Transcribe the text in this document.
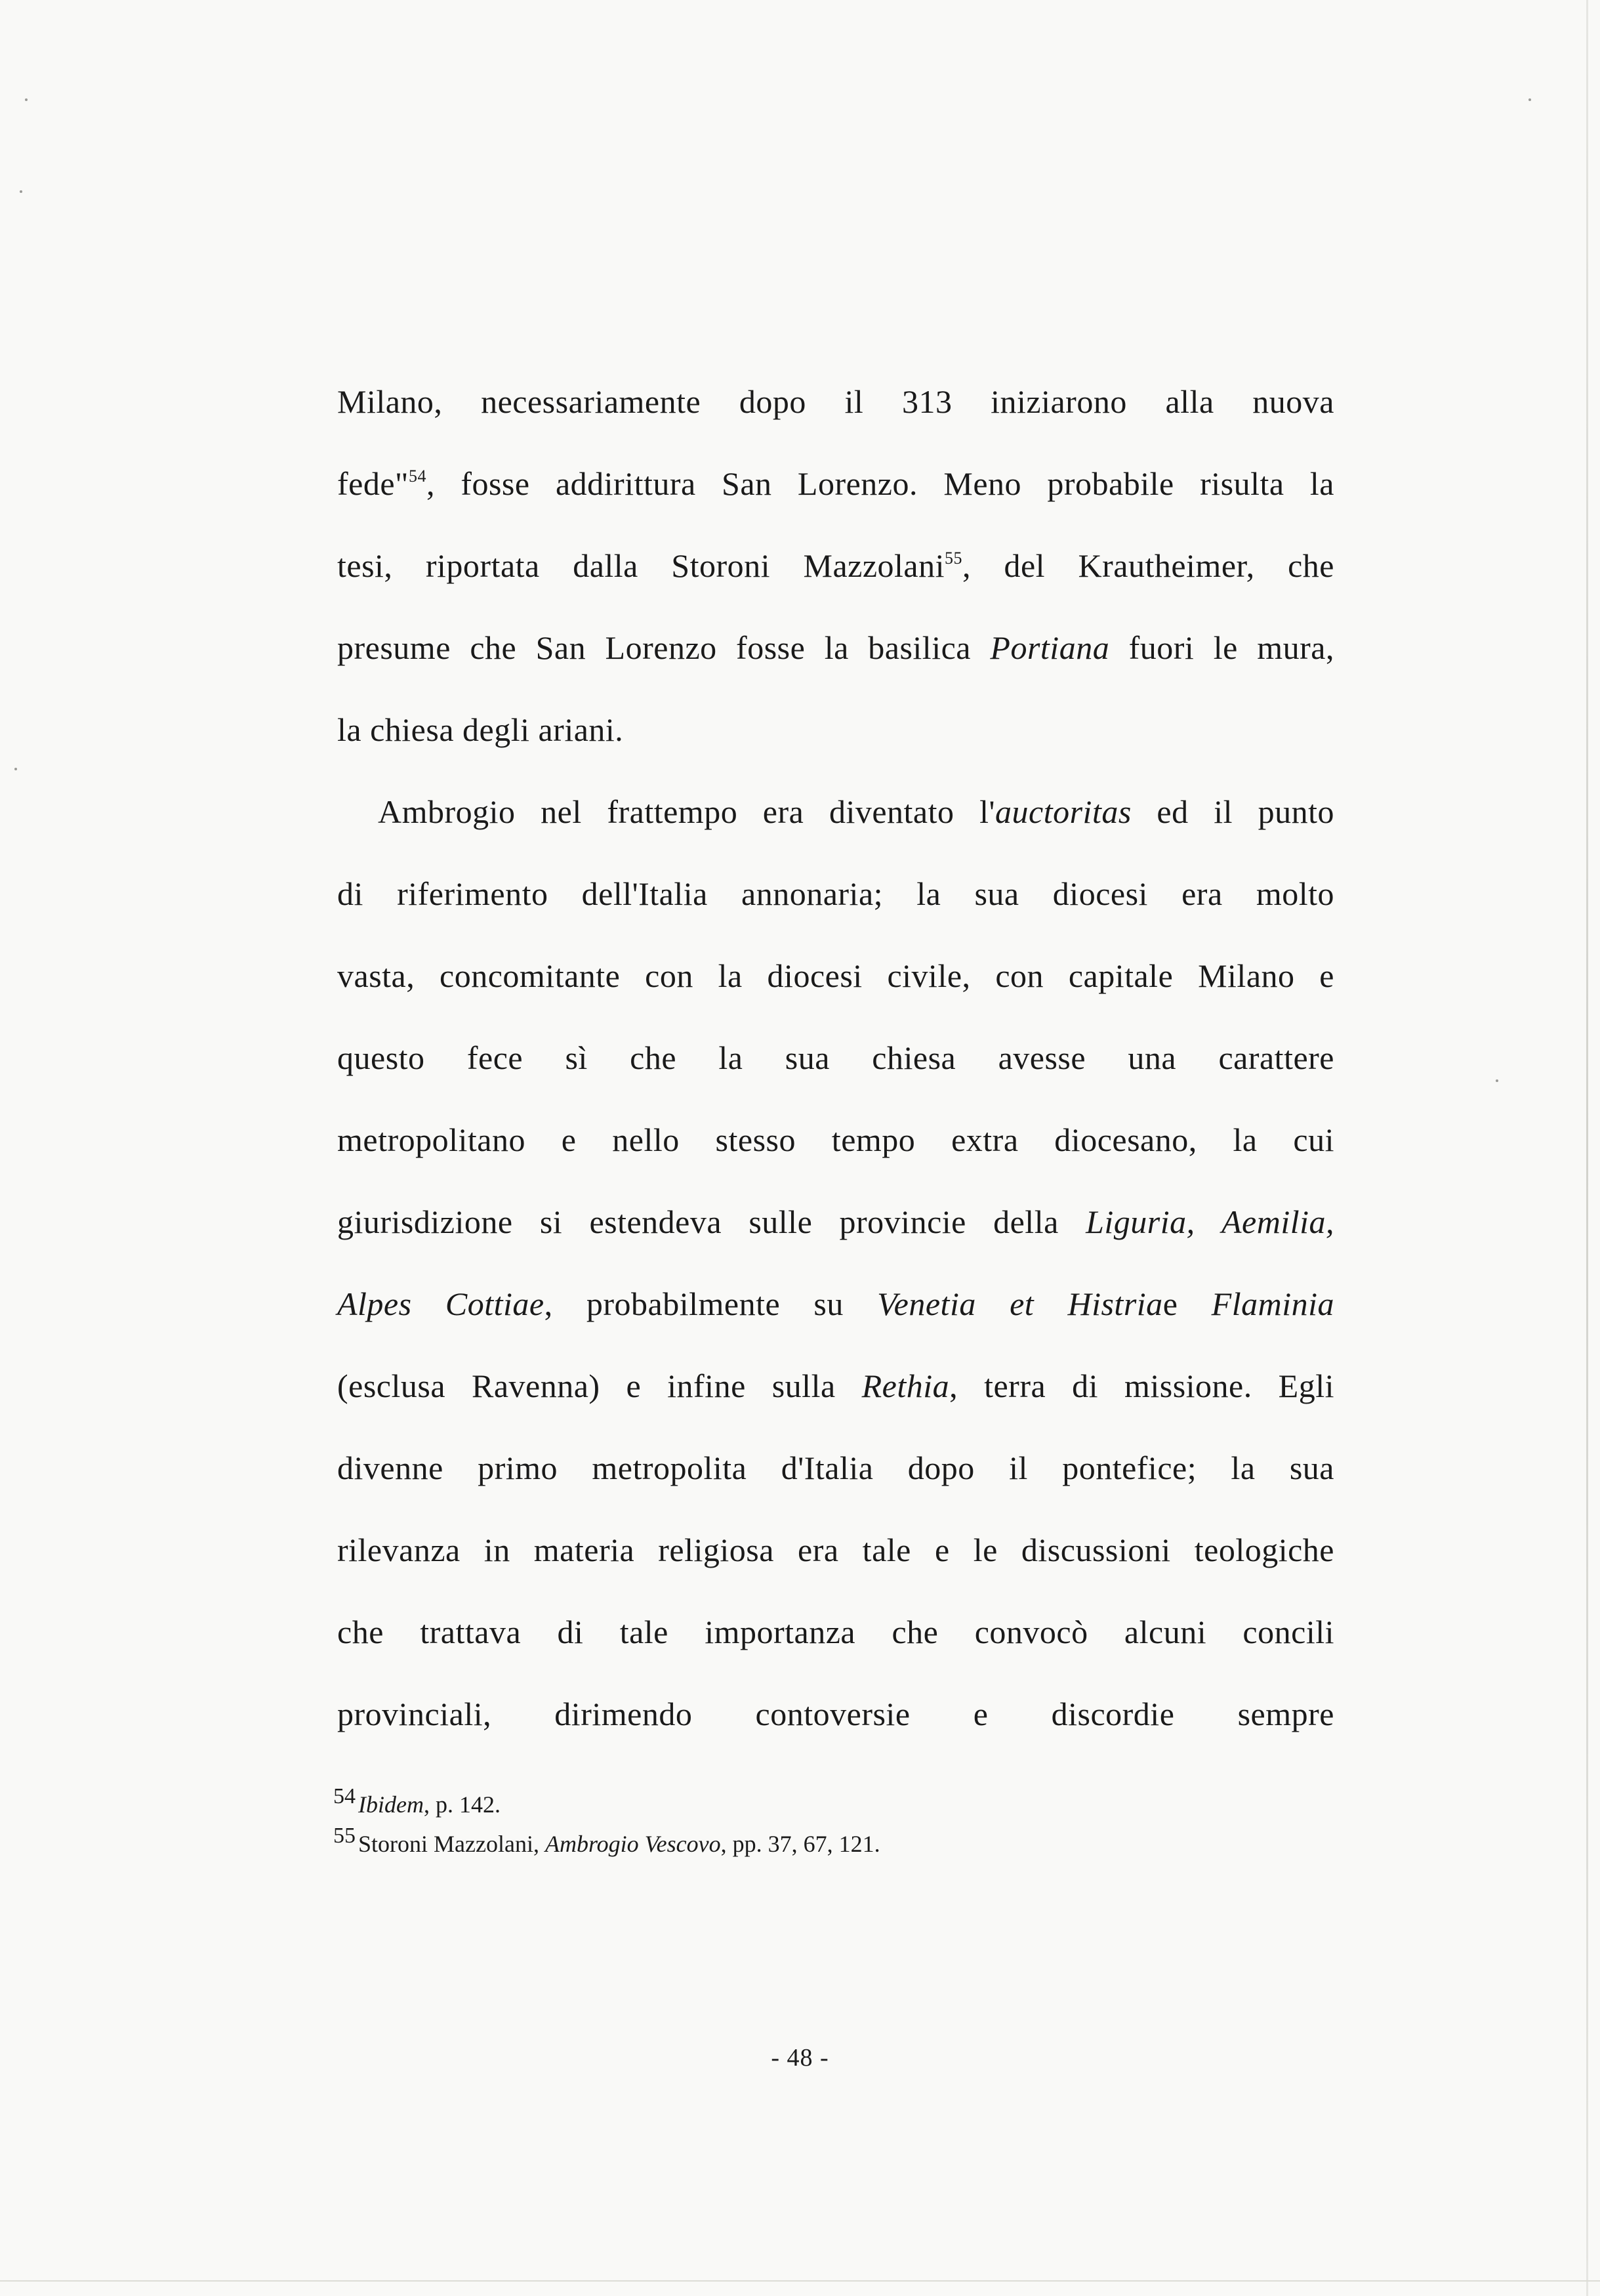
Milano, necessariamente dopo il 313 iniziarono alla nuova
fede"$^{54}$, fosse addirittura San Lorenzo. Meno probabile risulta la
tesi, riportata dalla Storoni Mazzolani$^{55}$, del Krautheimer, che
presume che San Lorenzo fosse la basilica Portiana fuori le mura,
la chiesa degli ariani.
Ambrogio nel frattempo era diventato l'auctoritas ed il punto
di riferimento dell'Italia annonaria; la sua diocesi era molto
vasta, concomitante con la diocesi civile, con capitale Milano e
questo fece sì che la sua chiesa avesse una carattere
metropolitano e nello stesso tempo extra diocesano, la cui
giurisdizione si estendeva sulle provincie della Liguria, Aemilia,
Alpes Cottiae, probabilmente su Venetia et Histriae Flaminia
(esclusa Ravenna) e infine sulla Rethia, terra di missione. Egli
divenne primo metropolita d'Italia dopo il pontefice; la sua
rilevanza in materia religiosa era tale e le discussioni teologiche
che trattava di tale importanza che convocò alcuni concili
provinciali, dirimendo contoversie e discordie sempre
$^{54}$ Ibidem, p. 142.
$^{55}$ Storoni Mazzolani, Ambrogio Vescovo, pp. 37, 67, 121.
- 48 -
